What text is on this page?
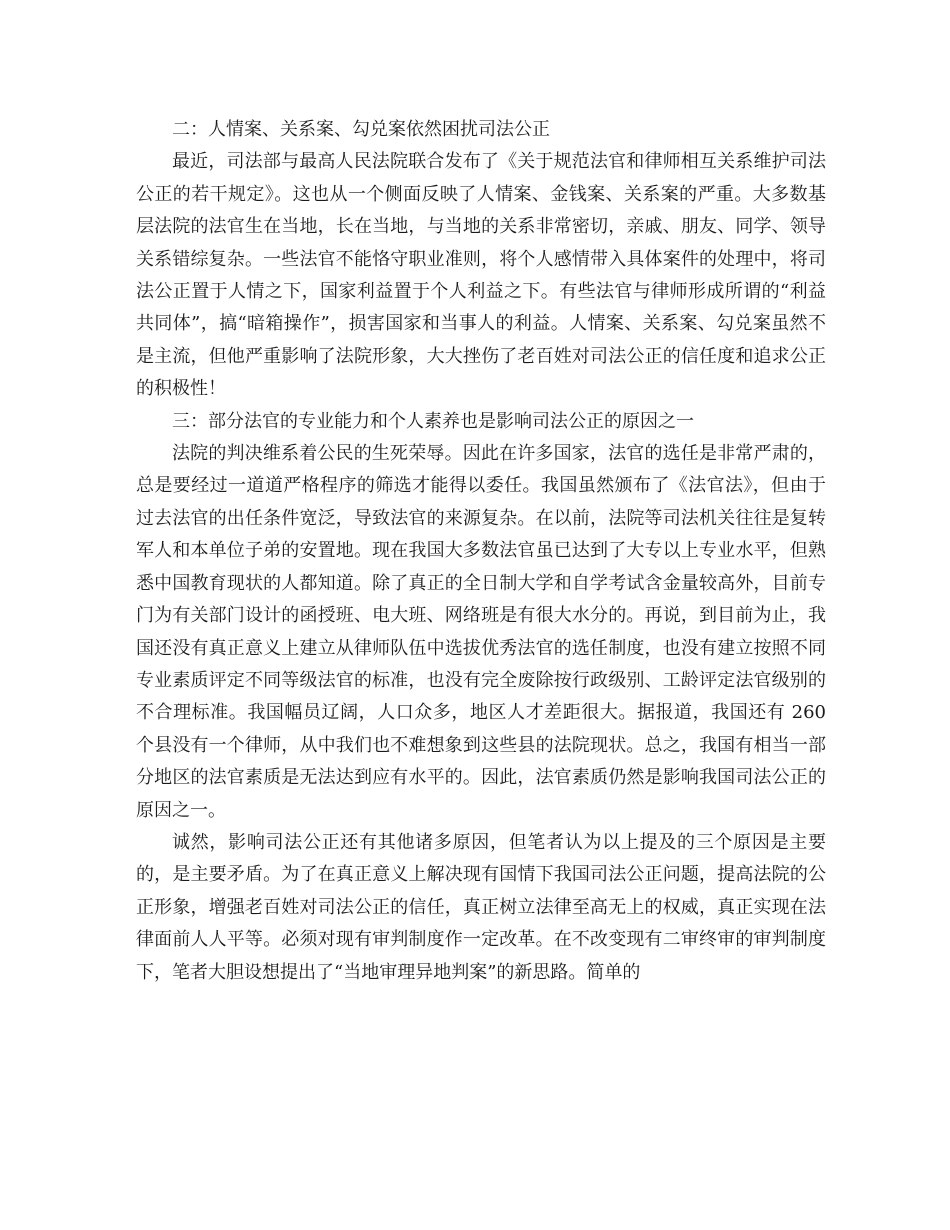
二：人情案、关系案、勾兑案依然困扰司法公正

最近，司法部与最高人民法院联合发布了《关于规范法官和律师相互关系维护司法公正的若干规定》。这也从一个侧面反映了人情案、金钱案、关系案的严重。大多数基层法院的法官生在当地，长在当地，与当地的关系非常密切，亲戚、朋友、同学、领导关系错综复杂。一些法官不能恪守职业准则，将个人感情带入具体案件的处理中，将司法公正置于人情之下，国家利益置于个人利益之下。有些法官与律师形成所谓的“利益共同体”，搞“暗箱操作”，损害国家和当事人的利益。人情案、关系案、勾兑案虽然不是主流，但他严重影响了法院形象，大大挫伤了老百姓对司法公正的信任度和追求公正的积极性！

三：部分法官的专业能力和个人素养也是影响司法公正的原因之一

法院的判决维系着公民的生死荣辱。因此在许多国家，法官的选任是非常严肃的，总是要经过一道道严格程序的筛选才能得以委任。我国虽然颁布了《法官法》，但由于过去法官的出任条件宽泛，导致法官的来源复杂。在以前，法院等司法机关往往是复转军人和本单位子弟的安置地。现在我国大多数法官虽已达到了大专以上专业水平，但熟悉中国教育现状的人都知道。除了真正的全日制大学和自学考试含金量较高外，目前专门为有关部门设计的函授班、电大班、网络班是有很大水分的。再说，到目前为止，我国还没有真正意义上建立从律师队伍中选拔优秀法官的选任制度，也没有建立按照不同专业素质评定不同等级法官的标准，也没有完全废除按行政级别、工龄评定法官级别的不合理标准。我国幅员辽阔，人口众多，地区人才差距很大。据报道，我国还有 260 个县没有一个律师，从中我们也不难想象到这些县的法院现状。总之，我国有相当一部分地区的法官素质是无法达到应有水平的。因此，法官素质仍然是影响我国司法公正的原因之一。

诚然，影响司法公正还有其他诸多原因，但笔者认为以上提及的三个原因是主要的，是主要矛盾。为了在真正意义上解决现有国情下我国司法公正问题，提高法院的公正形象，增强老百姓对司法公正的信任，真正树立法律至高无上的权威，真正实现在法律面前人人平等。必须对现有审判制度作一定改革。在不改变现有二审终审的审判制度下，笔者大胆设想提出了“当地审理异地判案”的新思路。简单的
